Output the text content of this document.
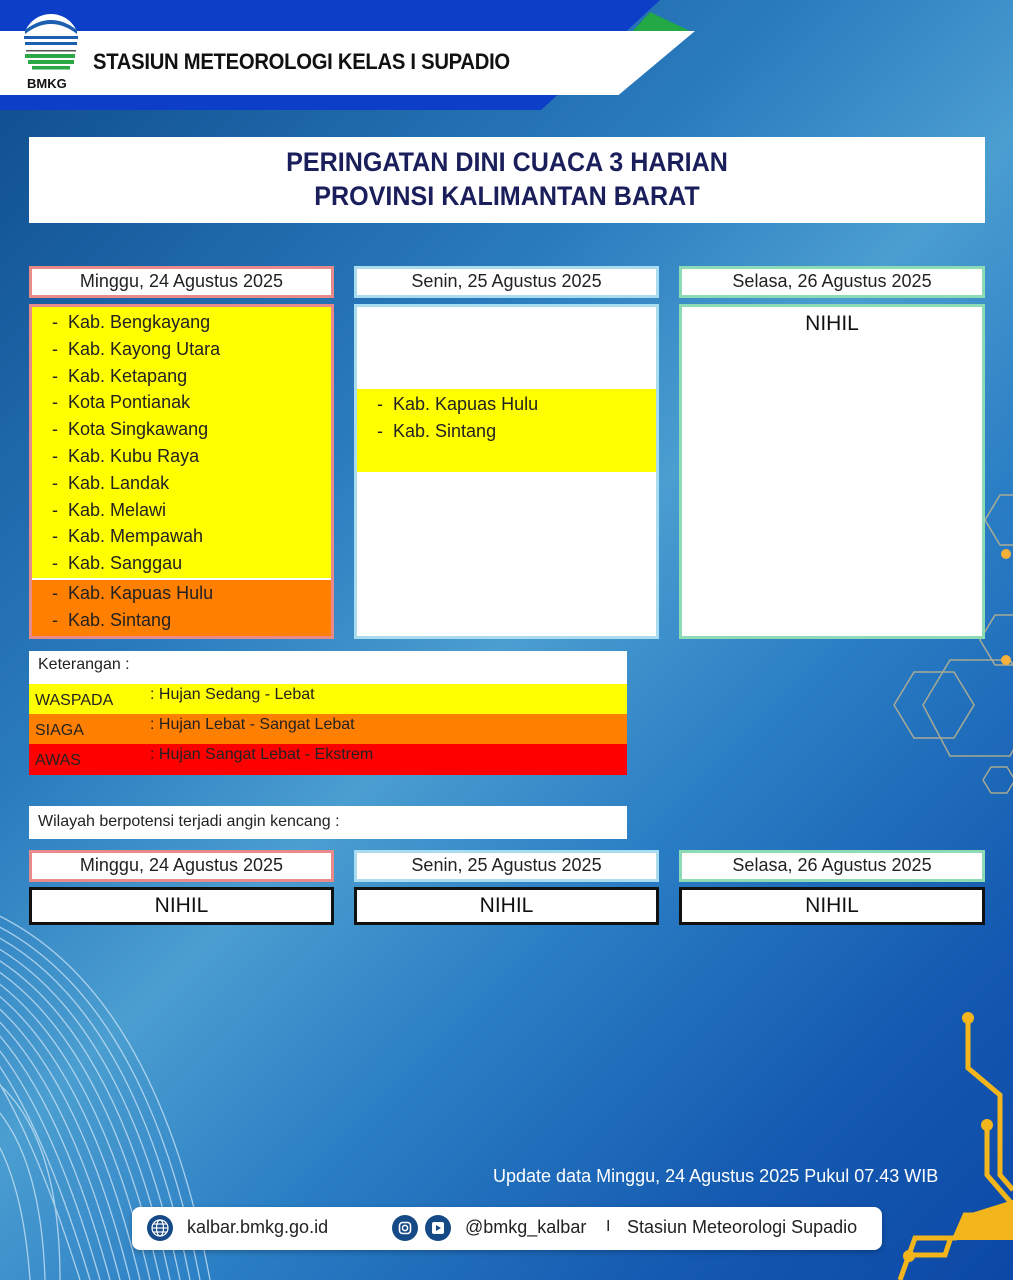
BMKG
STASIUN METEOROLOGI KELAS I SUPADIO
PERINGATAN DINI CUACA 3 HARIAN
PROVINSI KALIMANTAN BARAT
Minggu, 24 Agustus 2025
- Kab. Bengkayang
- Kab. Kayong Utara
- Kab. Ketapang
- Kota Pontianak
- Kota Singkawang
- Kab. Kubu Raya
- Kab. Landak
- Kab. Melawi
- Kab. Mempawah
- Kab. Sanggau
- Kab. Kapuas Hulu
- Kab. Sintang
Senin, 25 Agustus 2025
- Kab. Kapuas Hulu
- Kab. Sintang
Selasa, 26 Agustus 2025
NIHIL
Keterangan :
WASPADA : Hujan Sedang - Lebat
SIAGA	: Hujan Lebat - Sangat Lebat
AWAS	: Hujan Sangat Lebat - Ekstrem
Wilayah berpotensi terjadi angin kencang :
Minggu, 24 Agustus 2025	Senin, 25 Agustus 2025	Selasa, 26 Agustus 2025
NIHIL	NIHIL	NIHIL
Update data Minggu, 24 Agustus 2025 Pukul 07.43 WIB
kalbar.bmkg.go.id	@bmkg_kalbar I Stasiun Meteorologi Supadio
